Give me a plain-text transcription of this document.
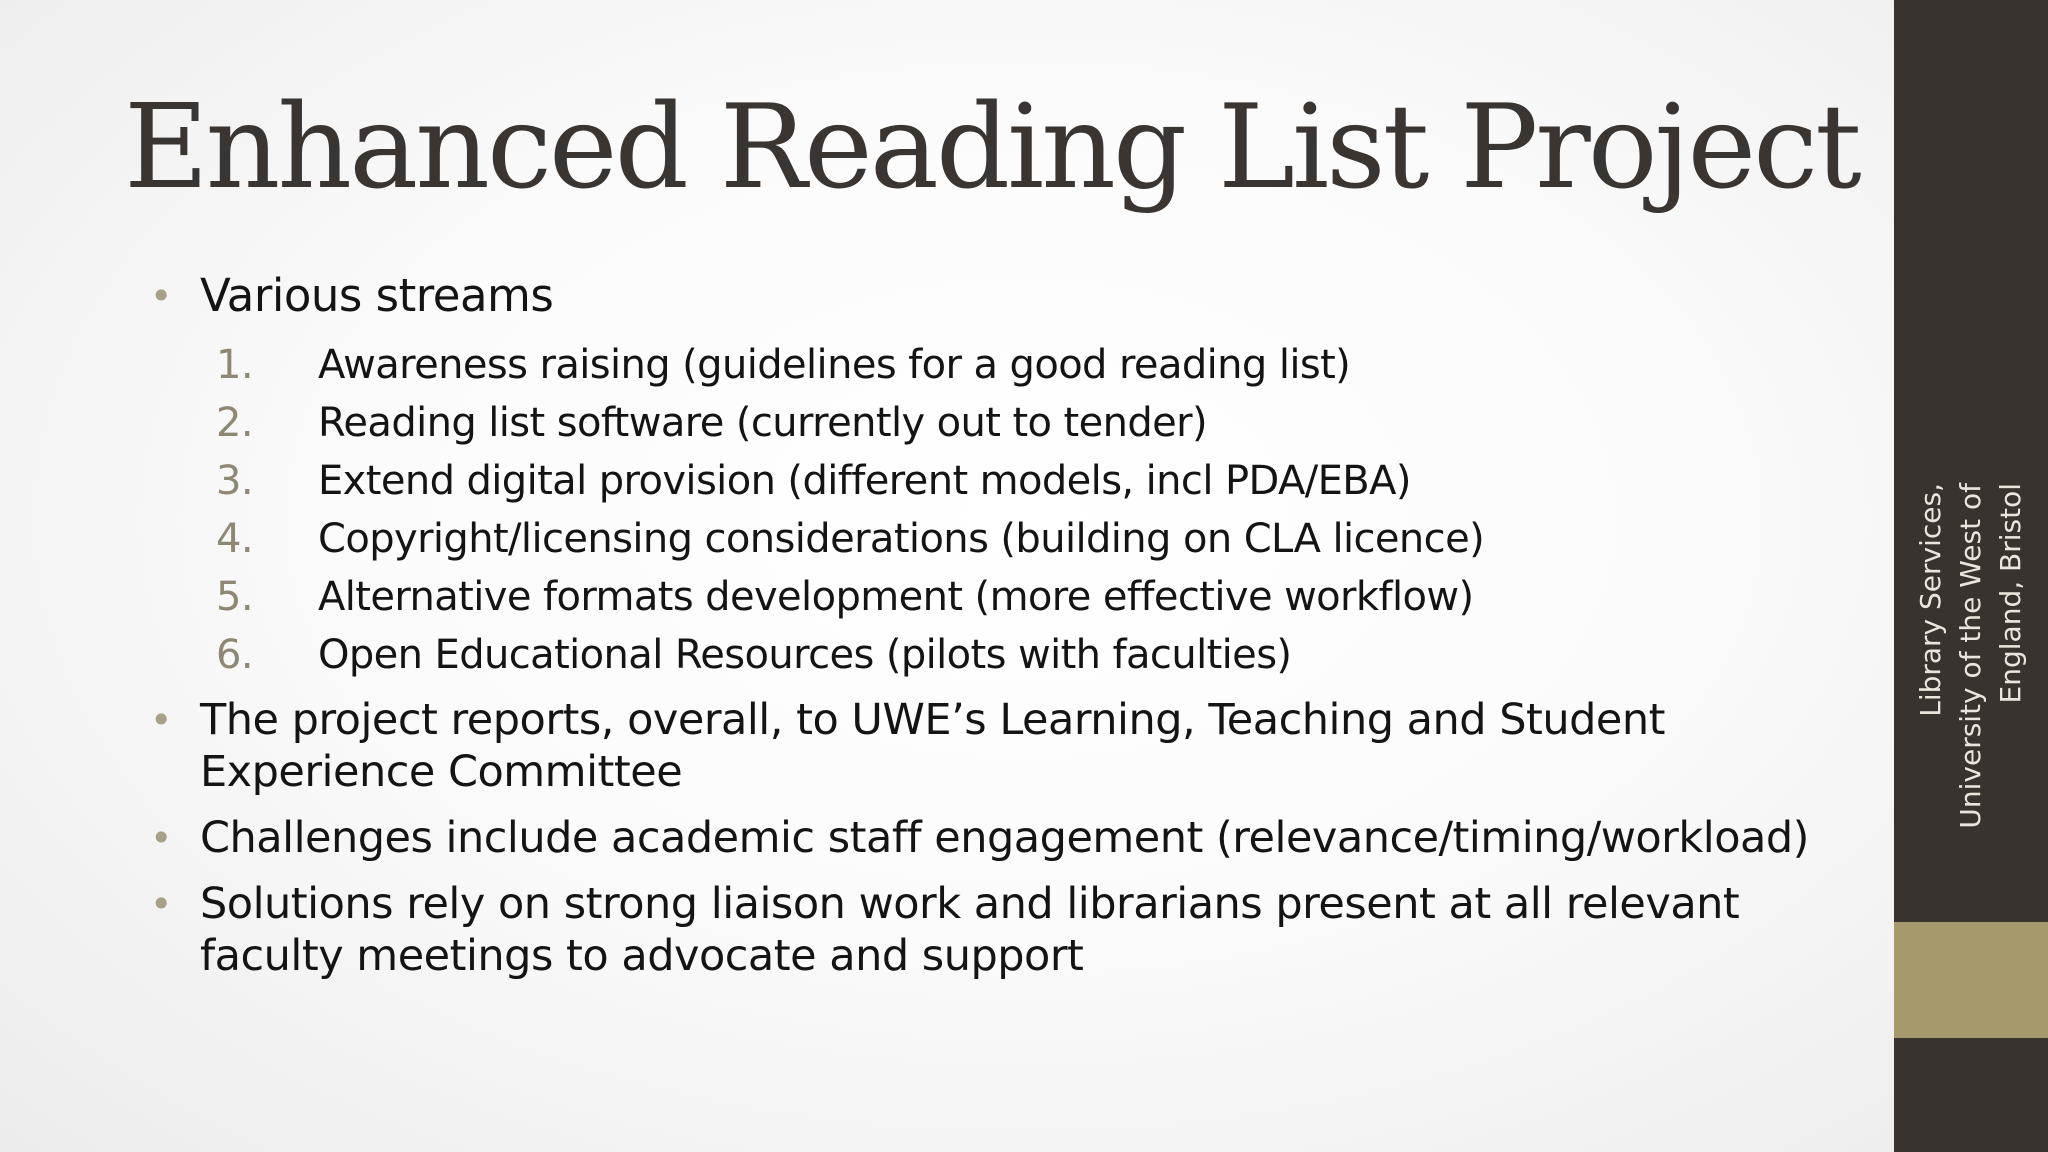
Enhanced Reading List Project
• Various streams
1. Awareness raising (guidelines for a good reading list)
2. Reading list software (currently out to tender)
3. Extend digital provision (different models, incl PDA/EBA)
4. Copyright/licensing considerations (building on CLA licence)
5. Alternative formats development (more effective workflow)
6. Open Educational Resources (pilots with faculties)
• The project reports, overall, to UWE’s Learning, Teaching and Student Experience Committee
• Challenges include academic staff engagement (relevance/timing/workload)
• Solutions rely on strong liaison work and librarians present at all relevant faculty meetings to advocate and support
Library Services, University of the West of England, Bristol
